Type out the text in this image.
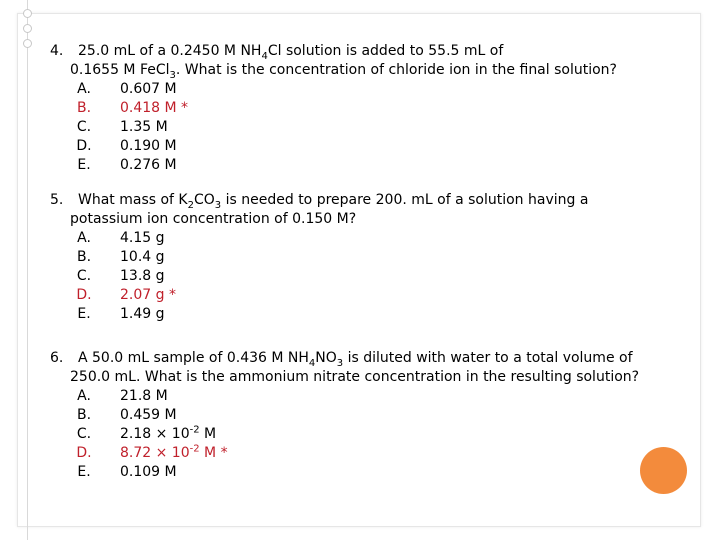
4. 25.0 mL of a 0.2450 M $NH_4Cl$ solution is added to 55.5 mL of
0.1655 M FeCl$_3$. What is the concentration of chloride ion in the final solution?
A.	0.607 M
B.	0.418 M *
C.	1.35 M
D.	0.190 M
E.	0.276 M
5. What mass of $K_2CO_3$ is needed to prepare 200. mL of a solution having a
potassium ion concentration of 0.150 M?
A.	4.15 g
B.	10.4 g
C.	13.8 g
D.	2.07 g *
E.	1.49 g
6. A 50.0 mL sample of 0.436 M $NH_4NO_3$ is diluted with water to a total volume of
250.0 mL. What is the ammonium nitrate concentration in the resulting solution?
A.	21.8 M
B.	0.459 M
C.	$2.18 \times 10^{-2}$ M
D.	$8.72 \times 10^{-2}$ M *
E.	0.109 M
